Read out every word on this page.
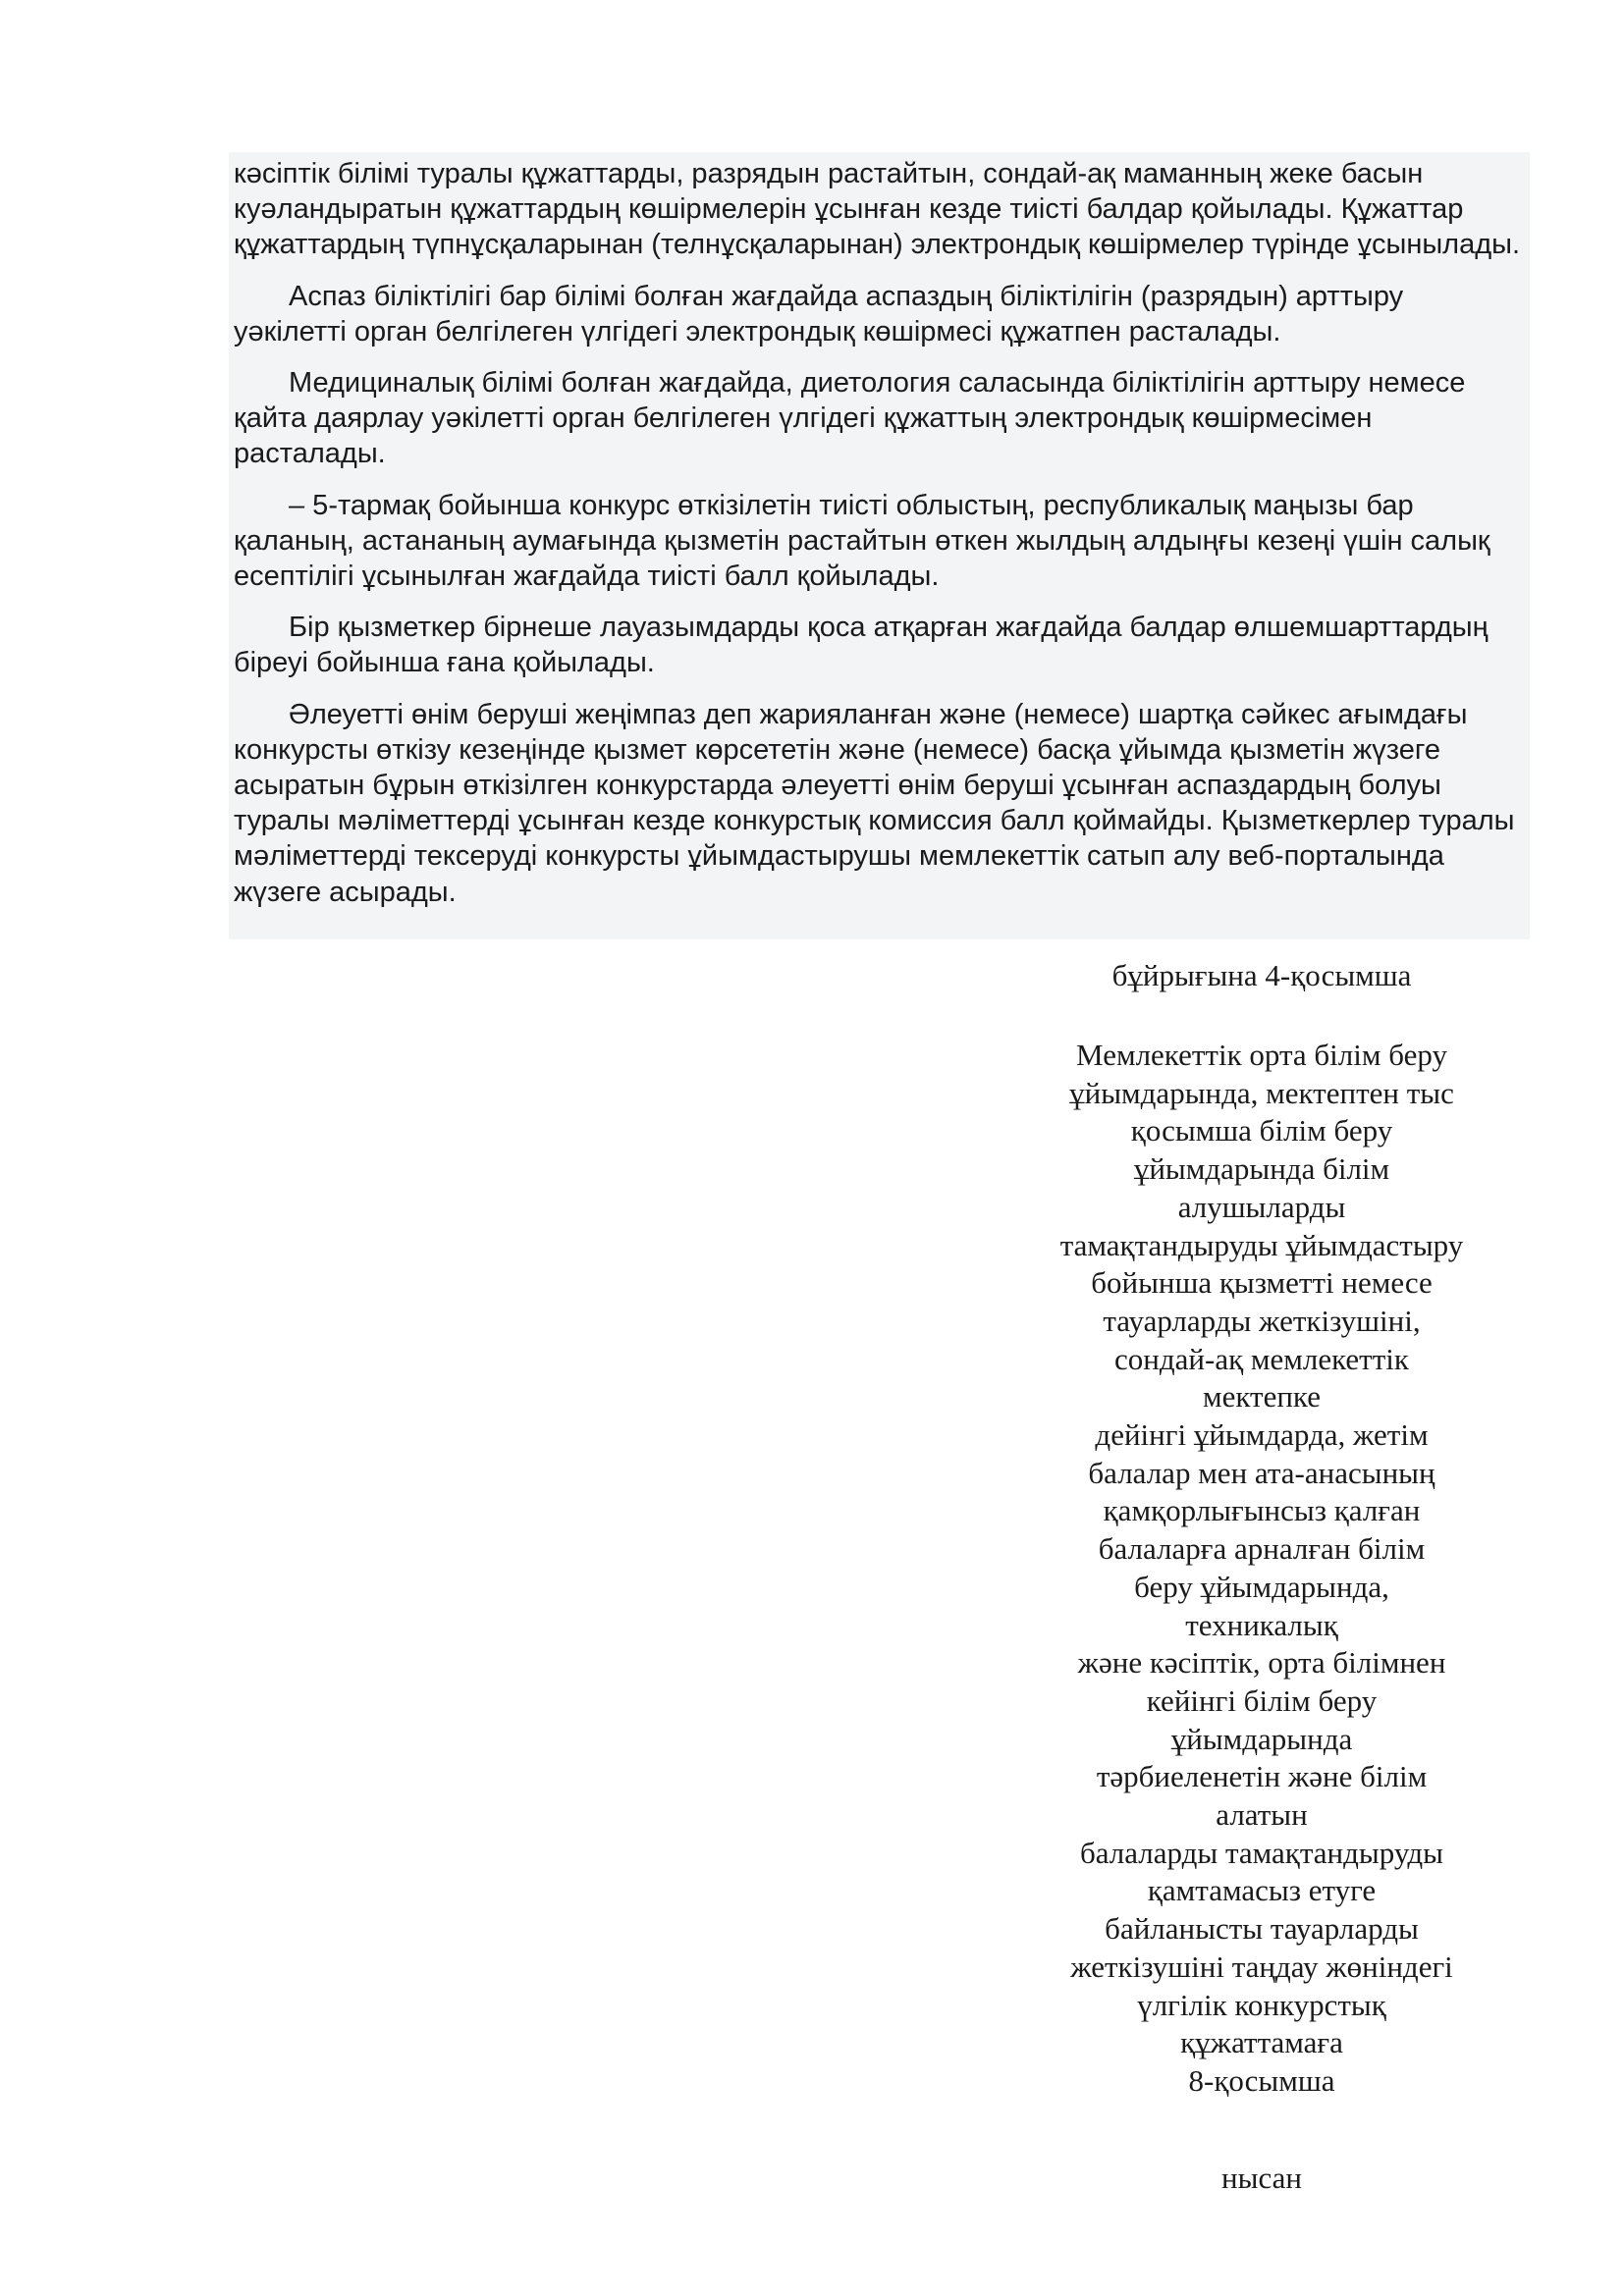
кәсіптік білімі туралы құжаттарды, разрядын растайтын, сондай-ақ маманның жеке басын куәландыратын құжаттардың көшірмелерін ұсынған кезде тиісті балдар қойылады. Құжаттар құжаттардың түпнұсқаларынан (телнұсқаларынан) электрондық көшірмелер түрінде ұсынылады.

Аспаз біліктілігі бар білімі болған жағдайда аспаздың біліктілігін (разрядын) арттыру уәкілетті орган белгілеген үлгідегі электрондық көшірмесі құжатпен расталады.

Медициналық білімі болған жағдайда, диетология саласында біліктілігін арттыру немесе қайта даярлау уәкілетті орган белгілеген үлгідегі құжаттың электрондық көшірмесімен расталады.

– 5-тармақ бойынша конкурс өткізілетін тиісті облыстың, республикалық маңызы бар қаланың, астананың аумағында қызметін растайтын өткен жылдың алдыңғы кезеңі үшін салық есептілігі ұсынылған жағдайда тиісті балл қойылады.

Бір қызметкер бірнеше лауазымдарды қоса атқарған жағдайда балдар өлшемшарттардың біреуі бойынша ғана қойылады.

Әлеуетті өнім беруші жеңімпаз деп жарияланған және (немесе) шартқа сәйкес ағымдағы конкурсты өткізу кезеңінде қызмет көрсететін және (немесе) басқа ұйымда қызметін жүзеге асыратын бұрын өткізілген конкурстарда әлеуетті өнім беруші ұсынған аспаздардың болуы туралы мәліметтерді ұсынған кезде конкурстық комиссия балл қоймайды. Қызметкерлер туралы мәліметтерді тексеруді конкурсты ұйымдастырушы мемлекеттік сатып алу веб-порталында жүзеге асырады.

бұйрығына 4-қосымша
Мемлекеттік орта білім беру
ұйымдарында, мектептен тыс
қосымша білім беру
ұйымдарында білім
алушыларды
тамақтандыруды ұйымдастыру
бойынша қызметті немесе
тауарларды жеткізушіні,
сондай-ақ мемлекеттік
мектепке
дейінгі ұйымдарда, жетім
балалар мен ата-анасының
қамқорлығынсыз қалған
балаларға арналған білім
беру ұйымдарында,
техникалық
және кәсіптік, орта білімнен
кейінгі білім беру
ұйымдарында
тәрбиеленетін және білім
алатын
балаларды тамақтандыруды
қамтамасыз етуге
байланысты тауарларды
жеткізушіні таңдау жөніндегі
үлгілік конкурстық
құжаттамаға
8-қосымша
нысан
